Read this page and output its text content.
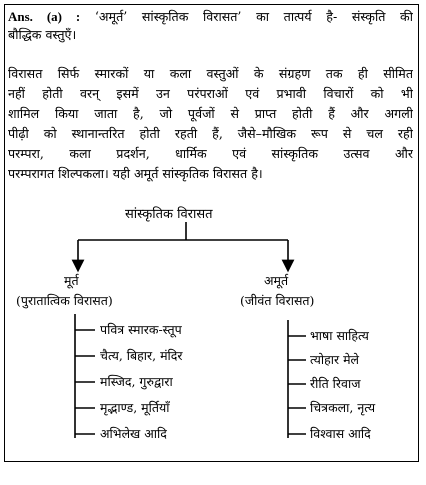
Ans. (a) : ‘अमूर्त’ सांस्कृतिक विरासत’ का तात्पर्य है- संस्कृति की
बौद्धिक वस्तुएँ।
विरासत सिर्फ स्मारकों या कला वस्तुओं के संग्रहण तक ही सीमित
नहीं होती वरन् इसमें उन परंपराओं एवं प्रभावी विचारों को भी
शामिल किया जाता है, जो पूर्वजों से प्राप्त होती हैं और अगली
पीढ़ी को स्थानान्तरित होती रहती हैं, जैसे–मौखिक रूप से चल रही
परम्परा, कला प्रदर्शन, धार्मिक एवं सांस्कृतिक उत्सव और
परम्परागत शिल्पकला। यही अमूर्त सांस्कृतिक विरासत है।
सांस्कृतिक विरासत
मूर्त
(पुरातात्विक विरासत)
अमूर्त
(जीवंत विरासत)
पवित्र स्मारक-स्तूप
चैत्य, बिहार, मंदिर
मस्जिद, गुरुद्वारा
मृद्भाण्ड, मूर्तियाँ
अभिलेख आदि
भाषा साहित्य
त्योहार मेले
रीति रिवाज
चित्रकला, नृत्य
विश्वास आदि
